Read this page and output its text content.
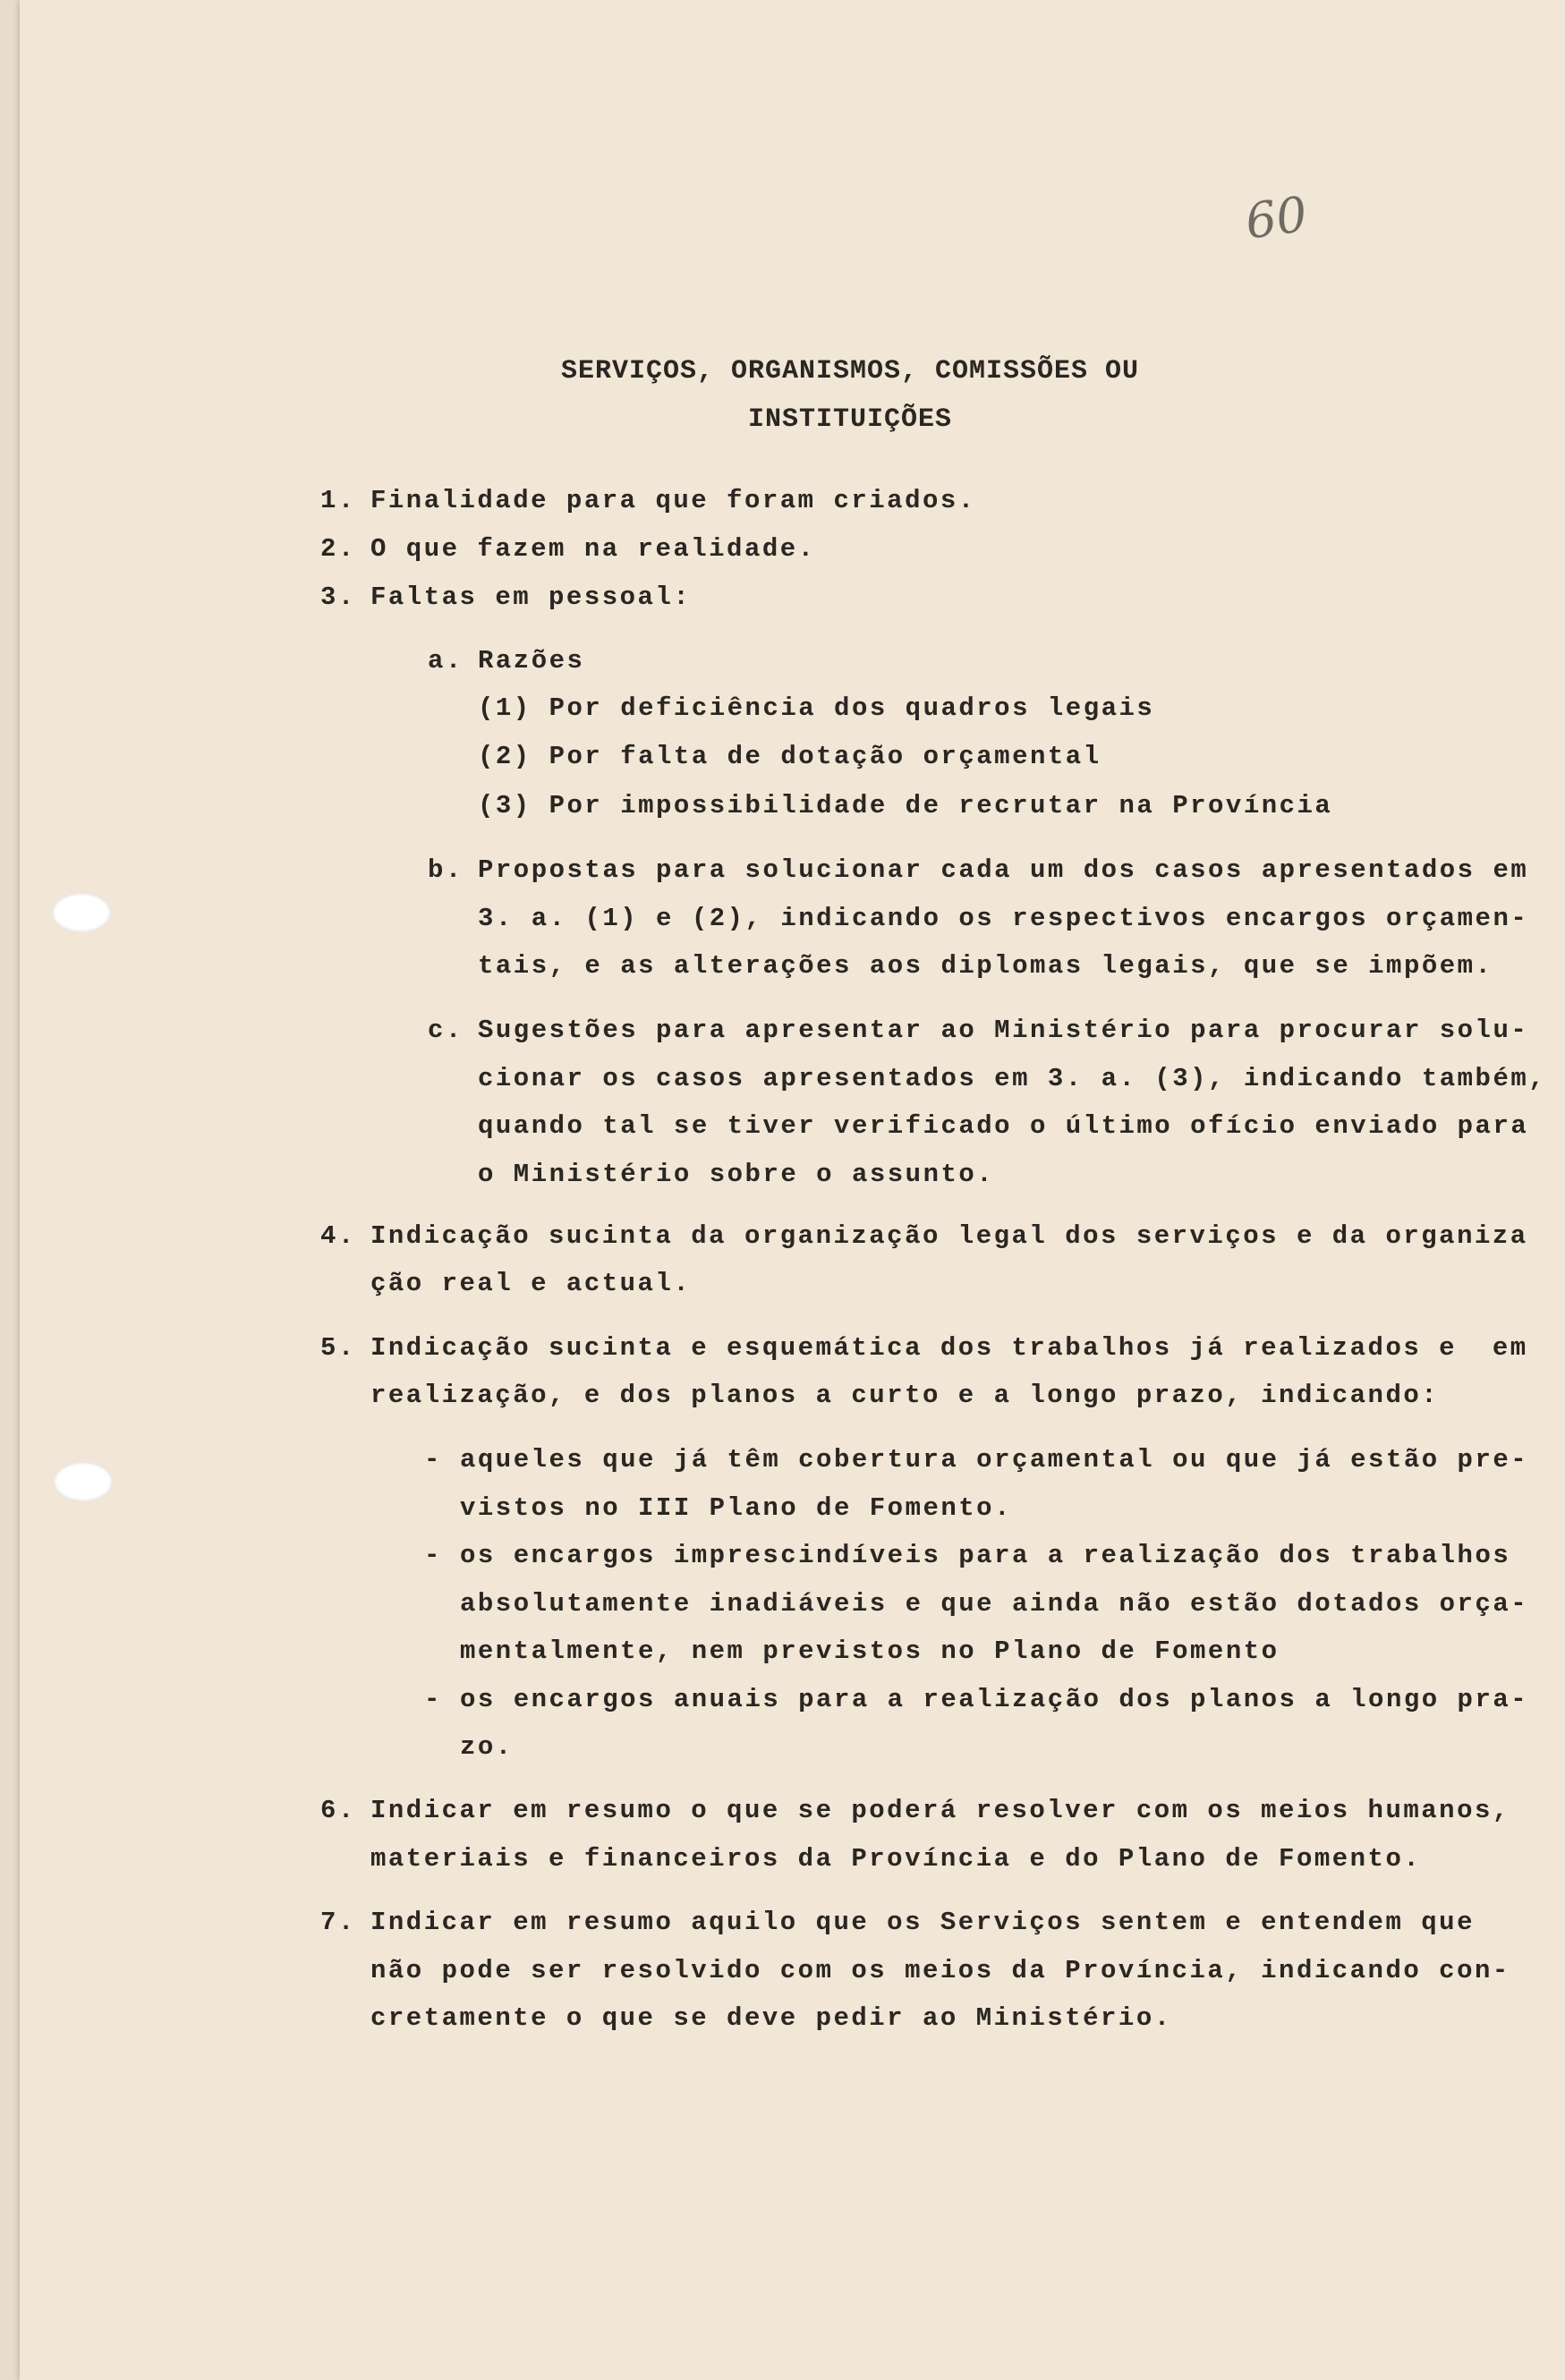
60
SERVIÇOS, ORGANISMOS, COMISSÕES OU
INSTITUIÇÕES
1. Finalidade para que foram criados.
2. O que fazem na realidade.
3. Faltas em pessoal:
a. Razões
(1) Por deficiência dos quadros legais
(2) Por falta de dotação orçamental
(3) Por impossibilidade de recrutar na Província
b. Propostas para solucionar cada um dos casos apresentados em
3. a. (1) e (2), indicando os respectivos encargos orçamen-
tais, e as alterações aos diplomas legais, que se impõem.
c. Sugestões para apresentar ao Ministério para procurar solu-
cionar os casos apresentados em 3. a. (3), indicando também,
quando tal se tiver verificado o último ofício enviado para
o Ministério sobre o assunto.
4. Indicação sucinta da organização legal dos serviços e da organiza
ção real e actual.
5. Indicação sucinta e esquemática dos trabalhos já realizados e  em
realização, e dos planos a curto e a longo prazo, indicando:
- aqueles que já têm cobertura orçamental ou que já estão pre-
vistos no III Plano de Fomento.
- os encargos imprescindíveis para a realização dos trabalhos
absolutamente inadiáveis e que ainda não estão dotados orça-
mentalmente, nem previstos no Plano de Fomento
- os encargos anuais para a realização dos planos a longo pra-
zo.
6. Indicar em resumo o que se poderá resolver com os meios humanos,
materiais e financeiros da Província e do Plano de Fomento.
7. Indicar em resumo aquilo que os Serviços sentem e entendem que
não pode ser resolvido com os meios da Província, indicando con-
cretamente o que se deve pedir ao Ministério.
